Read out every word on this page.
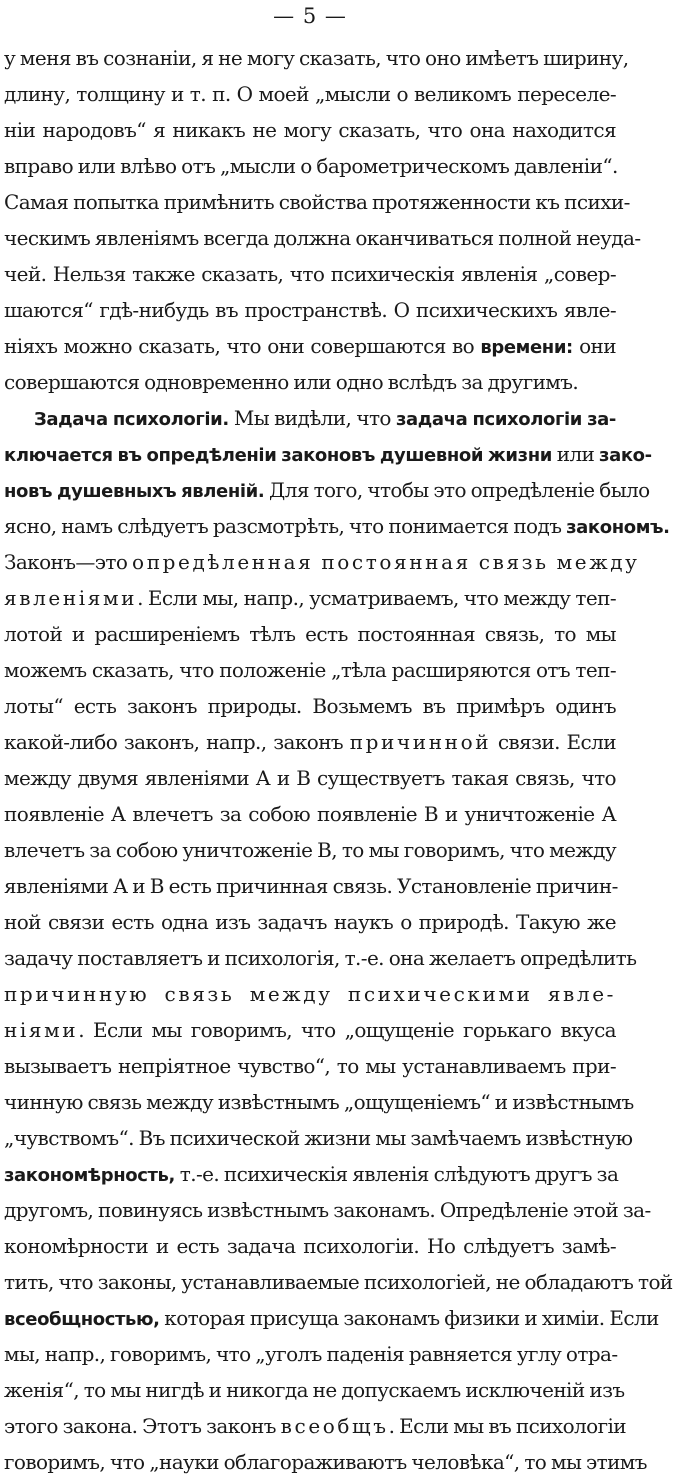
— 5 —
у меня въ сознаніи, я не могу сказать, что оно имѣетъ ширину,
длину, толщину и т. п. О моей „мысли о великомъ переселе-
ніи народовъ“ я никакъ не могу сказать, что она находится
вправо или влѣво отъ „мысли о барометрическомъ давленіи“.
Самая попытка примѣнить свойства протяженности къ психи-
ческимъ явленіямъ всегда должна оканчиваться полной неуда-
чей. Нельзя также сказать, что психическія явленія „совер-
шаются“ гдѣ-нибудь въ пространствѣ. О психическихъ явле-
ніяхъ можно сказать, что они совершаются во времени: они
совершаются одновременно или одно вслѣдъ за другимъ.
Задача психологіи. Мы видѣли, что задача психологіи за-
ключается въ опредѣленіи законовъ душевной жизни или зако-
новъ душевныхъ явленій. Для того, чтобы это опредѣленіе было
ясно, намъ слѣдуетъ разсмотрѣть, что понимается подъ закономъ.
Законъ—это опредѣленная постоянная связь между
явленіями. Если мы, напр., усматриваемъ, что между теп-
лотой и расширеніемъ тѣлъ есть постоянная связь, то мы
можемъ сказать, что положеніе „тѣла расширяются отъ теп-
лоты“ есть законъ природы. Возьмемъ въ примѣръ одинъ
какой-либо законъ, напр., законъ причинной связи. Если
между двумя явленіями А и В существуетъ такая связь, что
появленіе А влечетъ за собою появленіе В и уничтоженіе А
влечетъ за собою уничтоженіе В, то мы говоримъ, что между
явленіями А и В есть причинная связь. Установленіе причин-
ной связи есть одна изъ задачъ наукъ о природѣ. Такую же
задачу поставляетъ и психологія, т.-е. она желаетъ опредѣлить
причинную связь между психическими явле-
ніями. Если мы говоримъ, что „ощущеніе горькаго вкуса
вызываетъ непріятное чувство“, то мы устанавливаемъ при-
чинную связь между извѣстнымъ „ощущеніемъ“ и извѣстнымъ
„чувствомъ“. Въ психической жизни мы замѣчаемъ извѣстную
закономѣрность, т.-е. психическія явленія слѣдуютъ другъ за
другомъ, повинуясь извѣстнымъ законамъ. Опредѣленіе этой за-
кономѣрности и есть задача психологіи. Но слѣдуетъ замѣ-
тить, что законы, устанавливаемые психологіей, не обладаютъ той
всеобщностью, которая присуща законамъ физики и химіи. Если
мы, напр., говоримъ, что „уголъ паденія равняется углу отра-
женія“, то мы нигдѣ и никогда не допускаемъ исключеній изъ
этого закона. Этотъ законъ всеобщъ. Если мы въ психологіи
говоримъ, что „науки облагораживаютъ человѣка“, то мы этимъ
